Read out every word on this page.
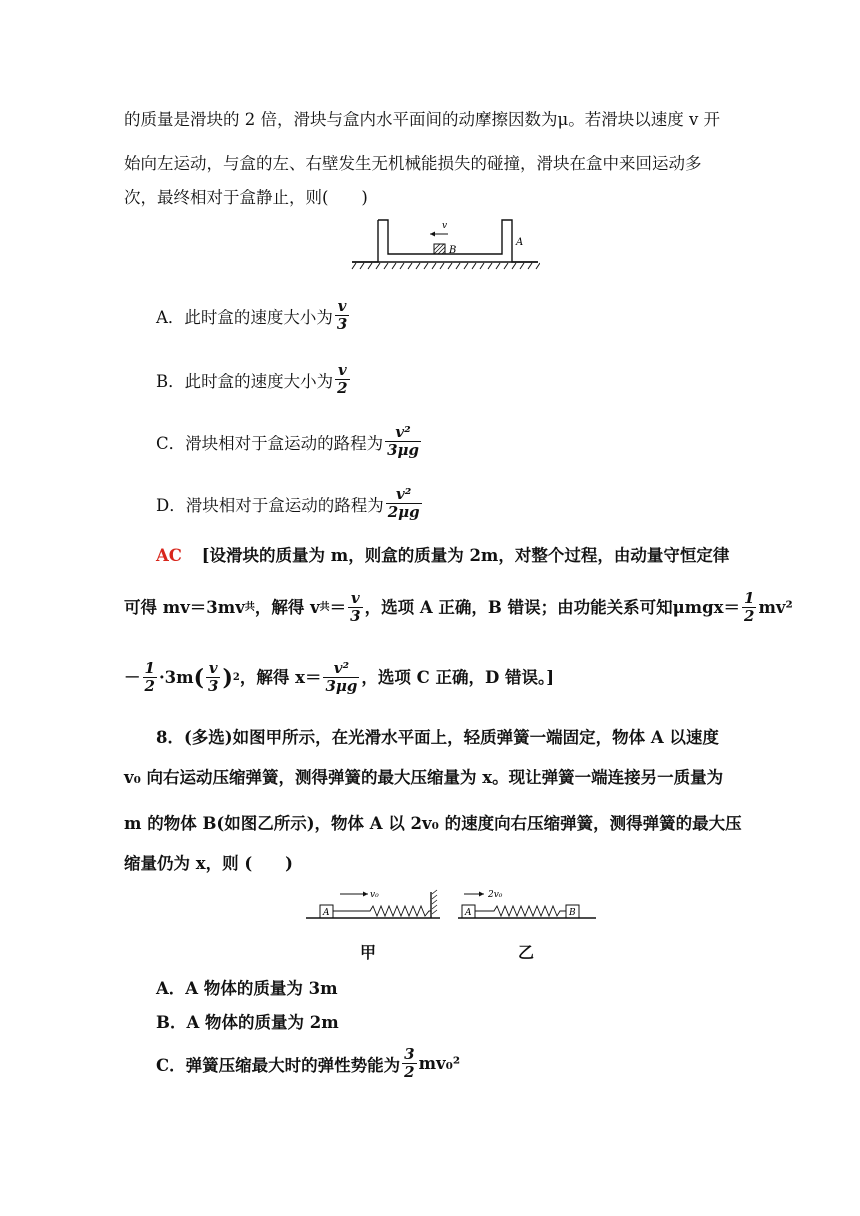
的质量是滑块的 2 倍，滑块与盒内水平面间的动摩擦因数为μ。若滑块以速度 v 开
始向左运动，与盒的左、右壁发生无机械能损失的碰撞，滑块在盒中来回运动多
次，最终相对于盒静止，则(　　)
v
B
A
A．此时盒的速度大小为 $\frac{v}{3}$
B．此时盒的速度大小为 $\frac{v}{2}$
C．滑块相对于盒运动的路程为 $\frac{\text{v²}}{3\mu g}$
D．滑块相对于盒运动的路程为 $\frac{\text{v²}}{2\mu g}$
AC [设滑块的质量为 m，则盒的质量为 2m，对整个过程，由动量守恒定律
可得 mv＝3mv 共 ，解得 v 共 ＝ $\frac{v}{3}$ ，选项 A 正确，B 错误；由功能关系可知$\mu mgx= \frac{1}{2} mv^2$
－ $\frac{1}{2} \cdot 3m$ ( $\frac{v}{3}$ ) 2 ，解得 $x= \frac{\text{v²}}{3\mu g}$ ，选项 C 正确，D 错误。]
8．(多选)如图甲所示，在光滑水平面上，轻质弹簧一端固定，物体 A 以速度
v₀ 向右运动压缩弹簧，测得弹簧的最大压缩量为 x。现让弹簧一端连接另一质量为
m 的物体 B(如图乙所示)，物体 A 以 2v₀ 的速度向右压缩弹簧，测得弹簧的最大压
缩量仍为 x，则 (　　)
A
v₀
A	B
2v₀
甲	乙
A．A 物体的质量为 3m
B．A 物体的质量为 2m
C．弹簧压缩最大时的弹性势能为 $\frac{3}{2} mv_0^2$
